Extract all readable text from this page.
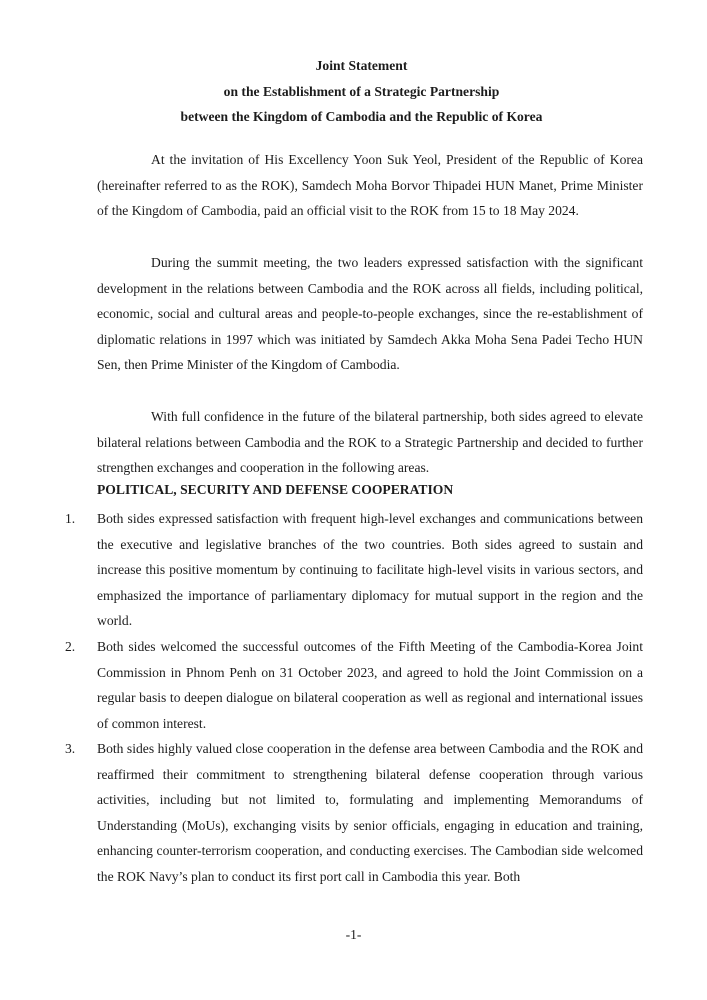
Joint Statement
on the Establishment of a Strategic Partnership
between the Kingdom of Cambodia and the Republic of Korea

At the invitation of His Excellency Yoon Suk Yeol, President of the Republic of Korea (hereinafter referred to as the ROK), Samdech Moha Borvor Thipadei HUN Manet, Prime Minister of the Kingdom of Cambodia, paid an official visit to the ROK from 15 to 18 May 2024.

During the summit meeting, the two leaders expressed satisfaction with the significant development in the relations between Cambodia and the ROK across all fields, including political, economic, social and cultural areas and people-to-people exchanges, since the re-establishment of diplomatic relations in 1997 which was initiated by Samdech Akka Moha Sena Padei Techo HUN Sen, then Prime Minister of the Kingdom of Cambodia.

With full confidence in the future of the bilateral partnership, both sides agreed to elevate bilateral relations between Cambodia and the ROK to a Strategic Partnership and decided to further strengthen exchanges and cooperation in the following areas.

POLITICAL, SECURITY AND DEFENSE COOPERATION

1.	Both sides expressed satisfaction with frequent high-level exchanges and communications between the executive and legislative branches of the two countries. Both sides agreed to sustain and increase this positive momentum by continuing to facilitate high-level visits in various sectors, and emphasized the importance of parliamentary diplomacy for mutual support in the region and the world.

2.	Both sides welcomed the successful outcomes of the Fifth Meeting of the Cambodia-Korea Joint Commission in Phnom Penh on 31 October 2023, and agreed to hold the Joint Commission on a regular basis to deepen dialogue on bilateral cooperation as well as regional and international issues of common interest.

3.	Both sides highly valued close cooperation in the defense area between Cambodia and the ROK and reaffirmed their commitment to strengthening bilateral defense cooperation through various activities, including but not limited to, formulating and implementing Memorandums of Understanding (MoUs), exchanging visits by senior officials, engaging in education and training, enhancing counter-terrorism cooperation, and conducting exercises. The Cambodian side welcomed the ROK Navy’s plan to conduct its first port call in Cambodia this year. Both

-1-
